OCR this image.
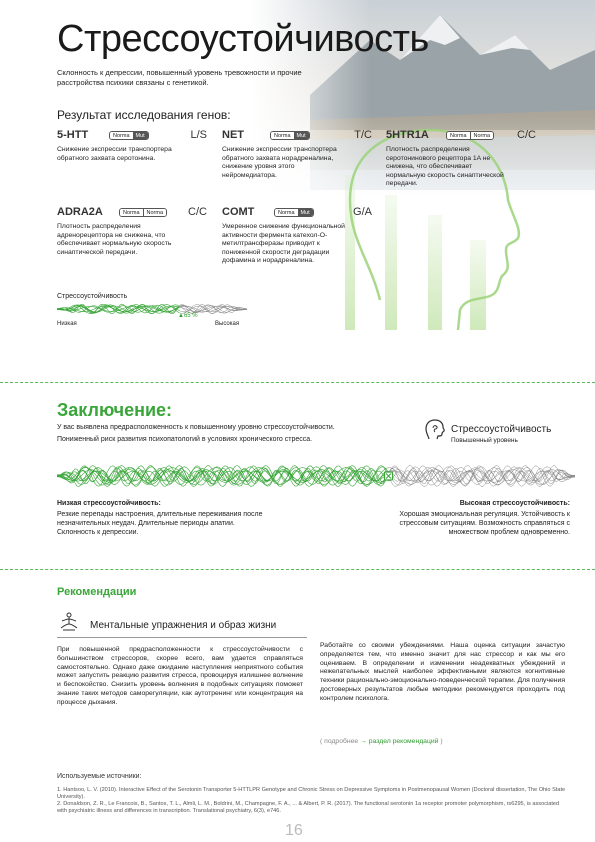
Стрессоустойчивость

Склонность к депрессии, повышенный уровень тревожности и прочие расстройства психики связаны с генетикой.

Результат исследования генов:
5-HTT	Norma	Mut	L/S
Снижение экспрессии транспортера обратного захвата серотонина.
NET	Norma	Mut	T/C
Снижение экспрессии транспортера обратного захвата норадреналина, снижение уровня этого нейромедиатора.
5HTR1A	Norma	Norma C/C
Плотность распределения серотонинового рецептора 1A не снижена, что обеспечивает нормальную скорость синаптической передачи.
ADRA2A	Norma	Norma C/C
Плотность распределения адренорецептора не снижена, что обеспечивает нормальную скорость синаптической передачи.
COMT	Norma	Mut	G/A
Умеренное снижение функциональной активности фермента катехол-О-метилтрансферазы приводит к пониженной скорости деградации дофамина и норадреналина.
Стрессоустойчивость
▲65 %
Низкая	Высокая
Заключение:
У вас выявлена предрасположенность к повышенному уровню стрессоустойчивости.
Пониженный риск развития психопатологий в условиях хронического стресса.
Стрессоустойчивость
Повышенный уровень
Низкая стрессоустойчивость:
Резкие перепады настроения, длительные переживания после незначительных неудач. Длительные периоды апатии. Склонность к депрессии.
Высокая стрессоустойчивость:
Хорошая эмоциональная регуляция. Устойчивость к стрессовым ситуациям. Возможность справляться с множеством проблем одновременно.
Рекомендации
Ментальные упражнения и образ жизни

При повышенной предрасположенности к стрессоустойчивости с большинством стрессоров, скорее всего, вам удается справляться самостоятельно. Однако даже ожидание наступления неприятного события может запустить реакцию развития стресса, провоцируя излишнее волнение и беспокойство. Снизить уровень волнения в подобных ситуациях поможет знание таких методов саморегуляции, как аутотренинг или концентрация на процессе дыхания.

Работайте со своими убеждениями. Наша оценка ситуации зачастую определяется тем, что именно значит для нас стрессор и как мы его оцениваем. В определении и изменении неадекватных убеждений и нежелательных мыслей наиболее эффективными являются когнитивные техники рационально-эмоционально-поведенческой терапии. Для получения достоверных результатов любые методики рекомендуется проходить под контролем психолога.

( подробнее → раздел рекомендаций )
Используемые источники:
1. Hantsoo, L. V. (2010). Interactive Effect of the Serotonin Transporter 5-HTTLPR Genotype and Chronic Stress on Depressive Symptoms in Postmenopausal Women (Doctoral dissertation, The Ohio State University).
2. Donaldson, Z. R., Le Francois, B., Santos, T. L., Almli, L. M., Boldrini, M., Champagne, F. A., ... & Albert, P. R. (2017). The functional serotonin 1a receptor promoter polymorphism, rs6295, is associated with psychiatric illness and differences in transcription. Translational psychiatry, 6(3), e746.
16
